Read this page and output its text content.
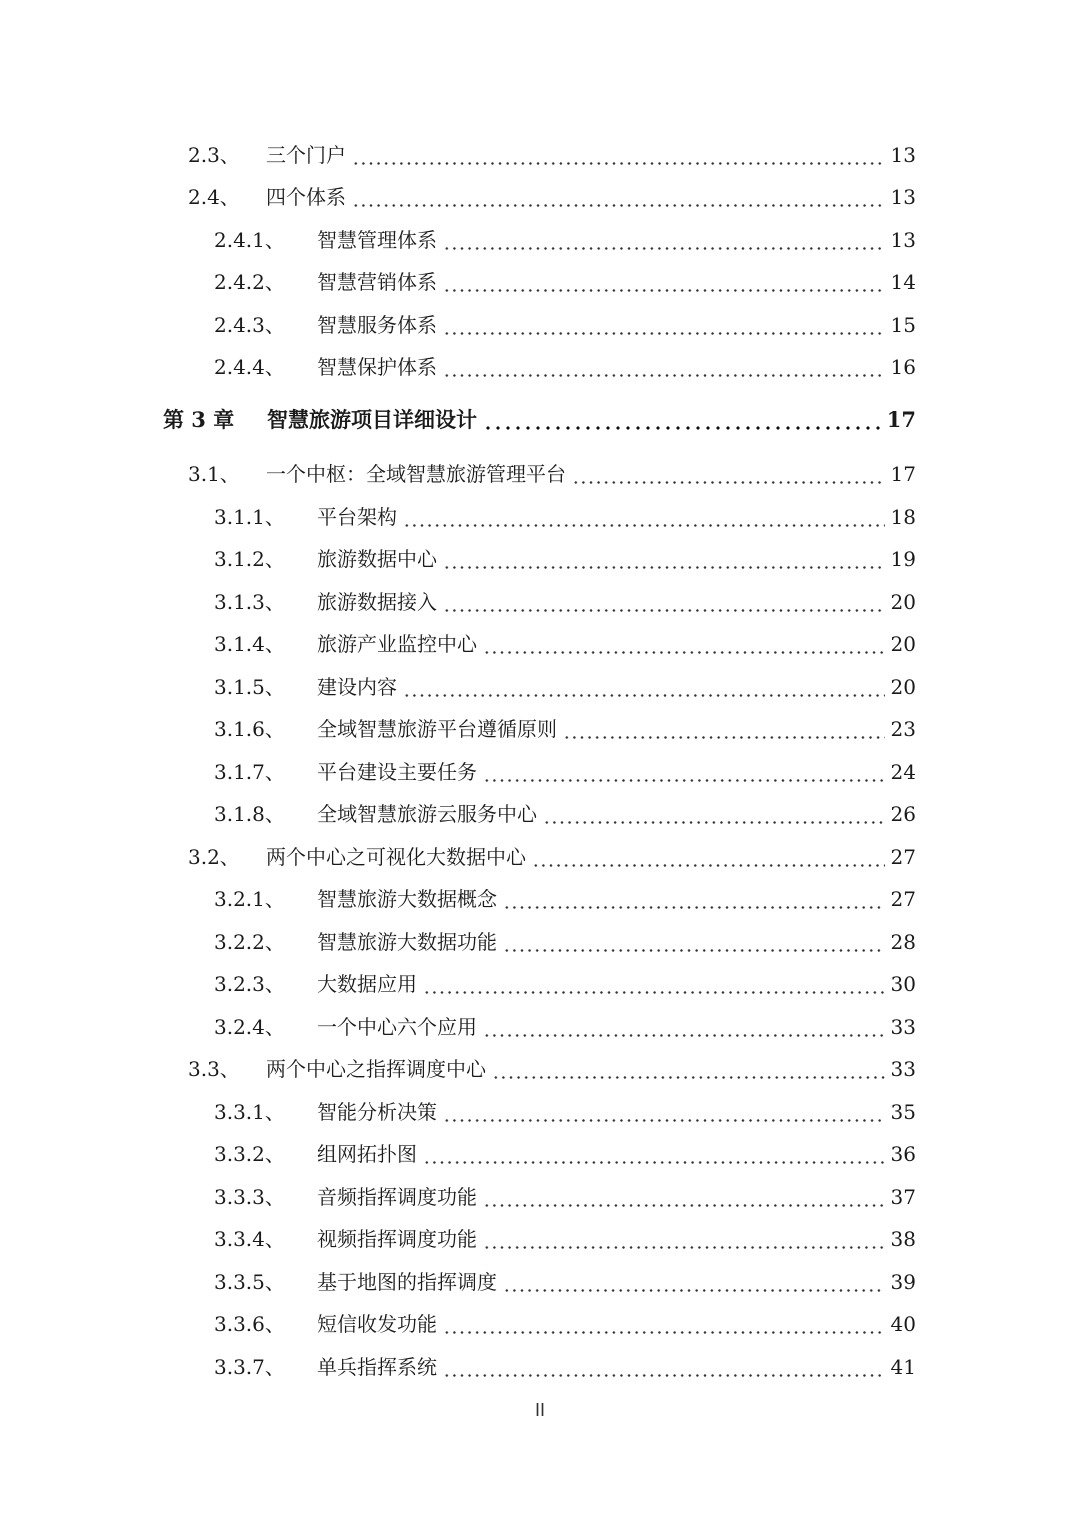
2.3、 三个门户	13
2.4、 四个体系	13
2.4.1、 智慧管理体系	13
2.4.2、 智慧营销体系	14
2.4.3、 智慧服务体系	15
2.4.4、 智慧保护体系	16
第 3 章 智慧旅游项目详细设计	17
3.1、 一个中枢：全域智慧旅游管理平台	17
3.1.1、 平台架构	18
3.1.2、 旅游数据中心	19
3.1.3、 旅游数据接入	20
3.1.4、 旅游产业监控中心	20
3.1.5、 建设内容	20
3.1.6、 全域智慧旅游平台遵循原则	23
3.1.7、 平台建设主要任务	24
3.1.8、 全域智慧旅游云服务中心	26
3.2、 两个中心之可视化大数据中心	27
3.2.1、 智慧旅游大数据概念	27
3.2.2、 智慧旅游大数据功能	28
3.2.3、 大数据应用	30
3.2.4、 一个中心六个应用	33
3.3、 两个中心之指挥调度中心	33
3.3.1、 智能分析决策	35
3.3.2、 组网拓扑图	36
3.3.3、 音频指挥调度功能	37
3.3.4、 视频指挥调度功能	38
3.3.5、 基于地图的指挥调度	39
3.3.6、 短信收发功能	40
3.3.7、 单兵指挥系统	41
II
